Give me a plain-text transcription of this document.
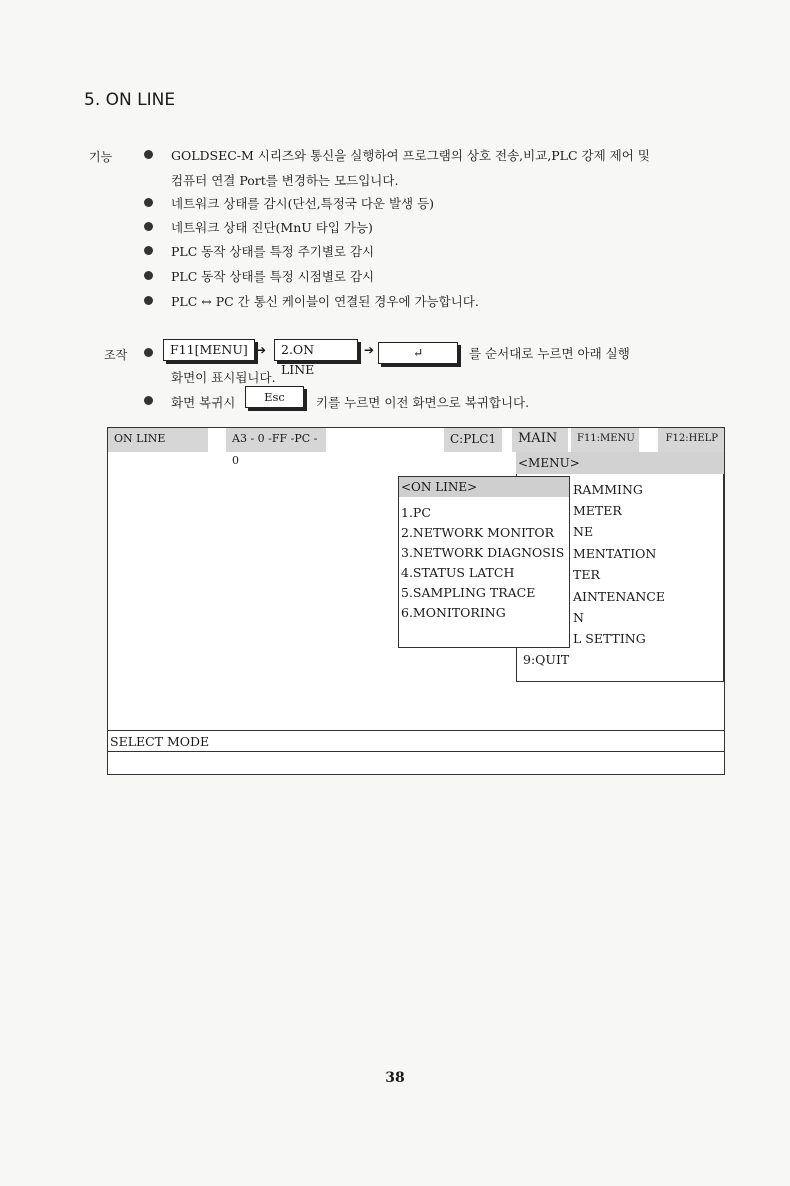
5. ON LINE
기능	GOLDSEC-M 시리즈와 통신을 실행하여 프로그램의 상호 전송,비교,PLC 강제 제어 및
컴퓨터 연결 Port를 변경하는 모드입니다.
네트워크 상태를 감시(단선,특정국 다운 발생 등)
네트워크 상태 진단(MnU 타입 가능)
PLC 동작 상태를 특정 주기별로 감시
PLC 동작 상태를 특정 시점별로 감시
PLC ↔ PC 간 통신 케이블이 연결된 경우에 가능합니다.
조작	F11[MENU] ➔	2.ON LINE
➔	↵	를 순서대로 누르면 아래 실행
화면이 표시됩니다.
화면 복귀시	Esc	키를 누르면 이전 화면으로 복귀합니다.
ON LINE	A3 - 0 -FF -PC - 0
C:PLC1	MAIN	F11:MENU	F12:HELP
<MENU>
RAMMING
METER
NE
MENTATION
TER
AINTENANCE
N
L SETTING
9:QUIT
<ON LINE>
1.PC
2.NETWORK MONITOR
3.NETWORK DIAGNOSIS
4.STATUS LATCH
5.SAMPLING TRACE
6.MONITORING
SELECT MODE
38
